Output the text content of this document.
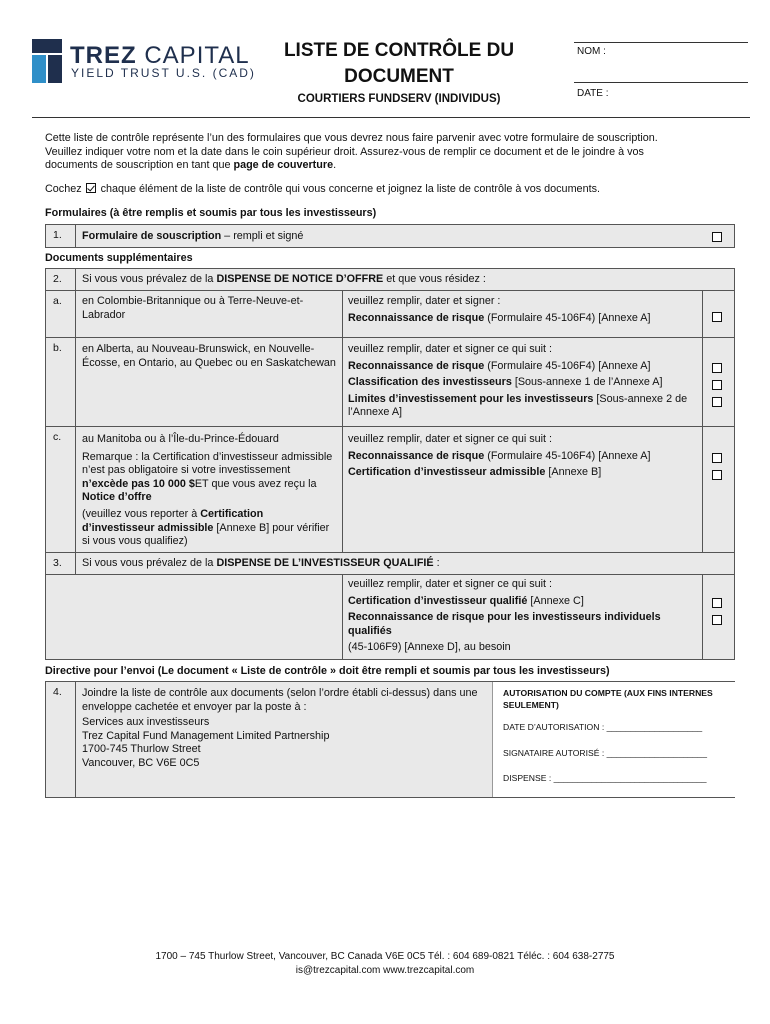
TREZ CAPITAL
YIELD TRUST U.S. (CAD)
LISTE DE CONTRÔLE DU
DOCUMENT
COURTIERS FUNDSERV (INDIVIDUS)
NOM :
DATE :
Cette liste de contrôle représente l’un des formulaires que vous devrez nous faire parvenir avec votre formulaire de souscription.
Veuillez indiquer votre nom et la date dans le coin supérieur droit. Assurez-vous de remplir ce document et de le joindre à vos
documents de souscription en tant que page de couverture.
Cochez chaque élément de la liste de contrôle qui vous concerne et joignez la liste de contrôle à vos documents.
Formulaires (à être remplis et soumis par tous les investisseurs)
1.	Formulaire de souscription – rempli et signé
Documents supplémentaires
2.	Si vous vous prévalez de la DISPENSE DE NOTICE D’OFFRE et que vous résidez :
a.	en Colombie-Britannique ou à Terre-Neuve-et-Labrador
veuillez remplir, dater et signer :
Reconnaissance de risque (Formulaire 45-106F4) [Annexe A]
b.	en Alberta, au Nouveau-Brunswick, en Nouvelle-Écosse, en Ontario, au Quebec ou en Saskatchewan
veuillez remplir, dater et signer ce qui suit :
Reconnaissance de risque (Formulaire 45-106F4) [Annexe A]
Classification des investisseurs [Sous-annexe 1 de l’Annexe A]
Limites d’investissement pour les investisseurs [Sous-annexe 2 de l’Annexe A]
c.	au Manitoba ou à l’Île-du-Prince-Édouard
Remarque : la Certification d’investisseur admissible n’est pas obligatoire si votre investissement n’excède pas 10 000 $ET que vous avez reçu la Notice d’offre
(veuillez vous reporter à Certification d’investisseur admissible [Annexe B] pour vérifier si vous vous qualifiez)
veuillez remplir, dater et signer ce qui suit :
Reconnaissance de risque (Formulaire 45-106F4) [Annexe A]
Certification d’investisseur admissible [Annexe B]
3.	Si vous vous prévalez de la DISPENSE DE L’INVESTISSEUR QUALIFIÉ :
veuillez remplir, dater et signer ce qui suit :
Certification d’investisseur qualifié [Annexe C]
Reconnaissance de risque pour les investisseurs individuels qualifiés
(45-106F9) [Annexe D], au besoin
Directive pour l’envoi (Le document « Liste de contrôle » doit être rempli et soumis par tous les investisseurs)
4.	Joindre la liste de contrôle aux documents (selon l’ordre établi ci-dessus) dans une enveloppe cachetée et envoyer par la poste à :
Services aux investisseurs
Trez Capital Fund Management Limited Partnership
1700-745 Thurlow Street
Vancouver, BC V6E 0C5
AUTORISATION DU COMPTE (AUX FINS INTERNES SEULEMENT)
DATE D’AUTORISATION : ____________________
SIGNATAIRE AUTORISÉ : _____________________
DISPENSE : ________________________________
1700 – 745 Thurlow Street, Vancouver, BC Canada V6E 0C5 Tél. : 604 689-0821 Téléc. : 604 638-2775
is@trezcapital.com www.trezcapital.com
